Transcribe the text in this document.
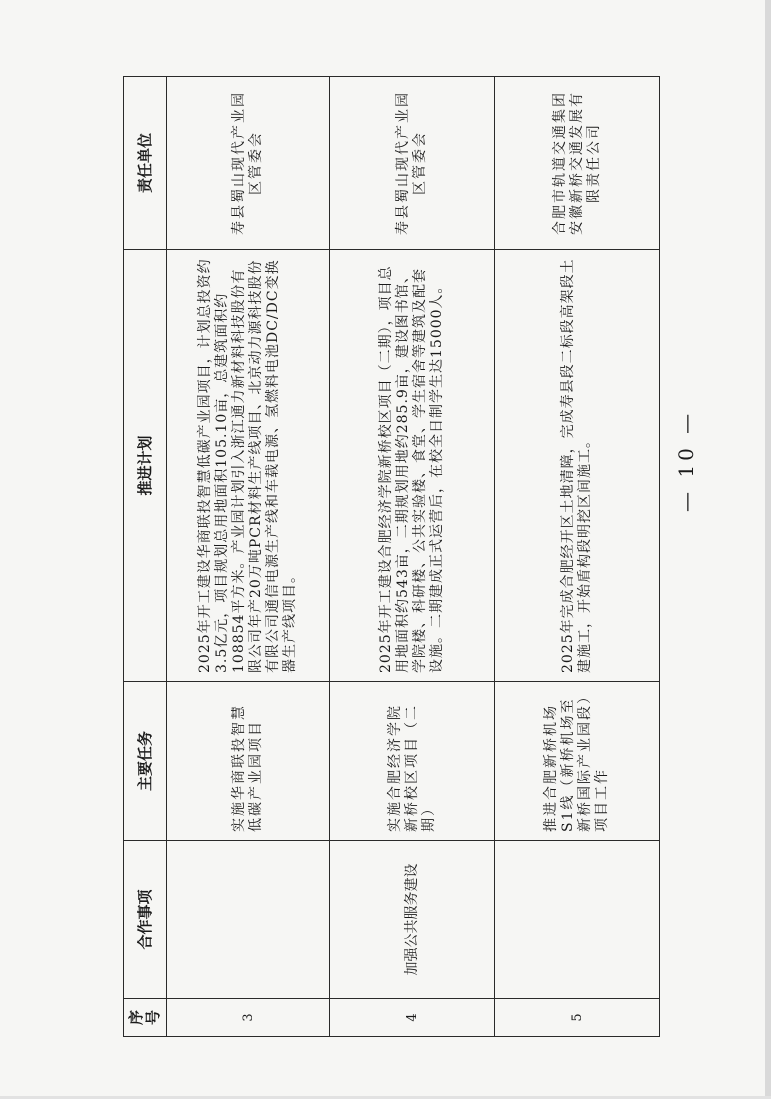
序号	合作事项	主要任务	推进计划	责任单位
3		实施华商联投智慧低碳产业园项目	2025年开工建设华商联投智慧低碳产业园项目，计划总投资约3.5亿元，项目规划总用地面积105.10亩，总建筑面积约108854平方米。产业园计划引入浙江通力新材料科技股份有限公司年产20万吨PCR材料生产线项目、北京动力源科技股份有限公司通信电源生产线和车载电源、氢燃料电池DC/DC变换器生产线项目。	寿县蜀山现代产业园区管委会
4	加强公共服务建设	实施合肥经济学院新桥校区项目（二期）	2025年开工建设合肥经济学院新桥校区项目（二期），项目总用地面积约543亩，二期规划用地约285.9亩，建设图书馆、学院楼、科研楼、公共实验楼、食堂、学生宿舍等建筑及配套设施。二期建成正式运营后，在校全日制学生达15000人。	寿县蜀山现代产业园区管委会
5		推进合肥新桥机场S1线（新桥机场至新桥国际产业园段）项目工作	2025年完成合肥经开区土地清障，完成寿县段二标段高架段土建施工，开始盾构段明挖区间施工。	合肥市轨道交通集团
安徽新桥交通发展有限责任公司
— 10 —
